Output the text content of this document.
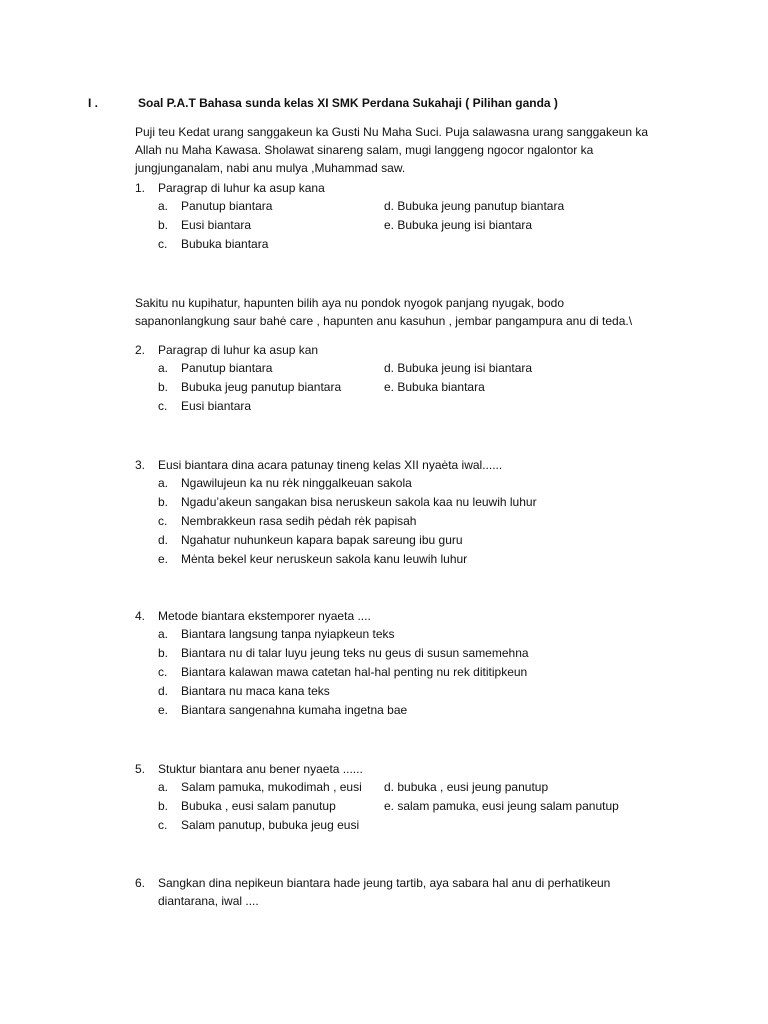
I .	Soal P.A.T Bahasa sunda kelas XI SMK Perdana Sukahaji ( Pilihan ganda )

Puji teu Kedat urang sanggakeun ka Gusti Nu Maha Suci. Puja salawasna urang sanggakeun ka

Allah nu Maha Kawasa. Sholawat sinareng salam, mugi langgeng ngocor ngalontor ka

jungjunganalam, nabi anu mulya ,Muhammad saw.

1.	Paragrap di luhur ka asup kana
a.	Panutup biantara	d. Bubuka jeung panutup biantara
b.	Eusi biantara	e. Bubuka jeung isi biantara
c.	Bubuka biantara

Sakitu nu kupihatur, hapunten bilih aya nu pondok nyogok panjang nyugak, bodo

sapanonlangkung saur bahė care , hapunten anu kasuhun , jembar pangampura anu di teda.\

2.	Paragrap di luhur ka asup kan
a.	Panutup biantara	d. Bubuka jeung isi biantara
b.	Bubuka jeug panutup biantara	e. Bubuka biantara
c.	Eusi biantara
3.	Eusi biantara dina acara patunay tineng kelas XII nyaėta iwal......
a.	Ngawilujeun ka nu rėk ninggalkeuan sakola
b.	Ngadu’akeun sangakan bisa neruskeun sakola kaa nu leuwih luhur
c.	Nembrakkeun rasa sedih pėdah rėk papisah
d.	Ngahatur nuhunkeun kapara bapak sareung ibu guru
e.	Mėnta bekel keur neruskeun sakola kanu leuwih luhur
4.	Metode biantara ekstemporer nyaeta ....
a.	Biantara langsung tanpa nyiapkeun teks
b.	Biantara nu di talar luyu jeung teks nu geus di susun samemehna
c.	Biantara kalawan mawa catetan hal-hal penting nu rek dititipkeun
d.	Biantara nu maca kana teks
e.	Biantara sangenahna kumaha ingetna bae
5.	Stuktur biantara anu bener nyaeta ......
a.	Salam pamuka, mukodimah , eusi d. bubuka , eusi jeung panutup
b.	Bubuka , eusi salam panutup	e. salam pamuka, eusi jeung salam panutup
c.	Salam panutup, bubuka jeug eusi
6.	Sangkan dina nepikeun biantara hade jeung tartib, aya sabara hal anu di perhatikeun
diantarana, iwal ....
